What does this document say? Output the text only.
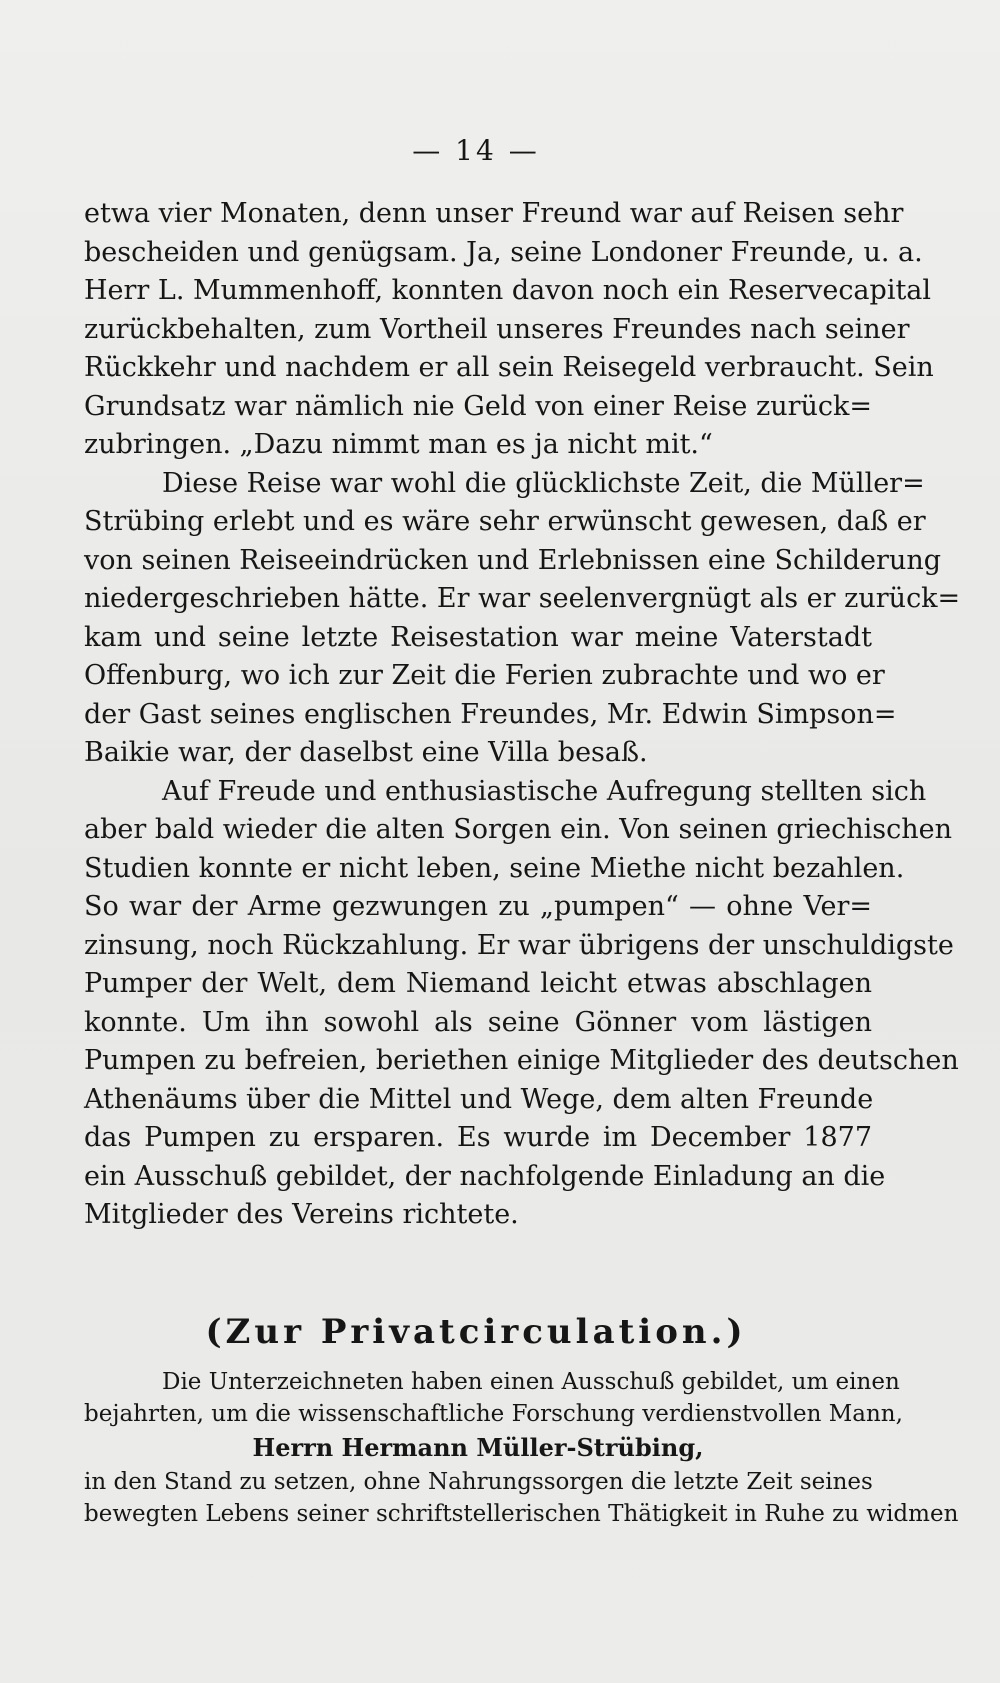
— 14 —
etwa vier Monaten, denn unser Freund war auf Reisen sehr
bescheiden und genügsam. Ja, seine Londoner Freunde, u. a.
Herr L. Mummenhoff, konnten davon noch ein Reservecapital
zurückbehalten, zum Vortheil unseres Freundes nach seiner
Rückkehr und nachdem er all sein Reisegeld verbraucht. Sein
Grundsatz war nämlich nie Geld von einer Reise zurück=
zubringen. „Dazu nimmt man es ja nicht mit.“
Diese Reise war wohl die glücklichste Zeit, die Müller=
Strübing erlebt und es wäre sehr erwünscht gewesen, daß er
von seinen Reiseeindrücken und Erlebnissen eine Schilderung
niedergeschrieben hätte. Er war seelenvergnügt als er zurück=
kam und seine letzte Reisestation war meine Vaterstadt
Offenburg, wo ich zur Zeit die Ferien zubrachte und wo er
der Gast seines englischen Freundes, Mr. Edwin Simpson=
Baikie war, der daselbst eine Villa besaß.
Auf Freude und enthusiastische Aufregung stellten sich
aber bald wieder die alten Sorgen ein. Von seinen griechischen
Studien konnte er nicht leben, seine Miethe nicht bezahlen.
So war der Arme gezwungen zu „pumpen“ — ohne Ver=
zinsung, noch Rückzahlung. Er war übrigens der unschuldigste
Pumper der Welt, dem Niemand leicht etwas abschlagen
konnte. Um ihn sowohl als seine Gönner vom lästigen
Pumpen zu befreien, beriethen einige Mitglieder des deutschen
Athenäums über die Mittel und Wege, dem alten Freunde
das Pumpen zu ersparen. Es wurde im December 1877
ein Ausschuß gebildet, der nachfolgende Einladung an die
Mitglieder des Vereins richtete.
(Zur Privatcirculation.)
Die Unterzeichneten haben einen Ausschuß gebildet, um einen
bejahrten, um die wissenschaftliche Forschung verdienstvollen Mann,
Herrn Hermann Müller-Strübing,
in den Stand zu setzen, ohne Nahrungssorgen die letzte Zeit seines
bewegten Lebens seiner schriftstellerischen Thätigkeit in Ruhe zu widmen
